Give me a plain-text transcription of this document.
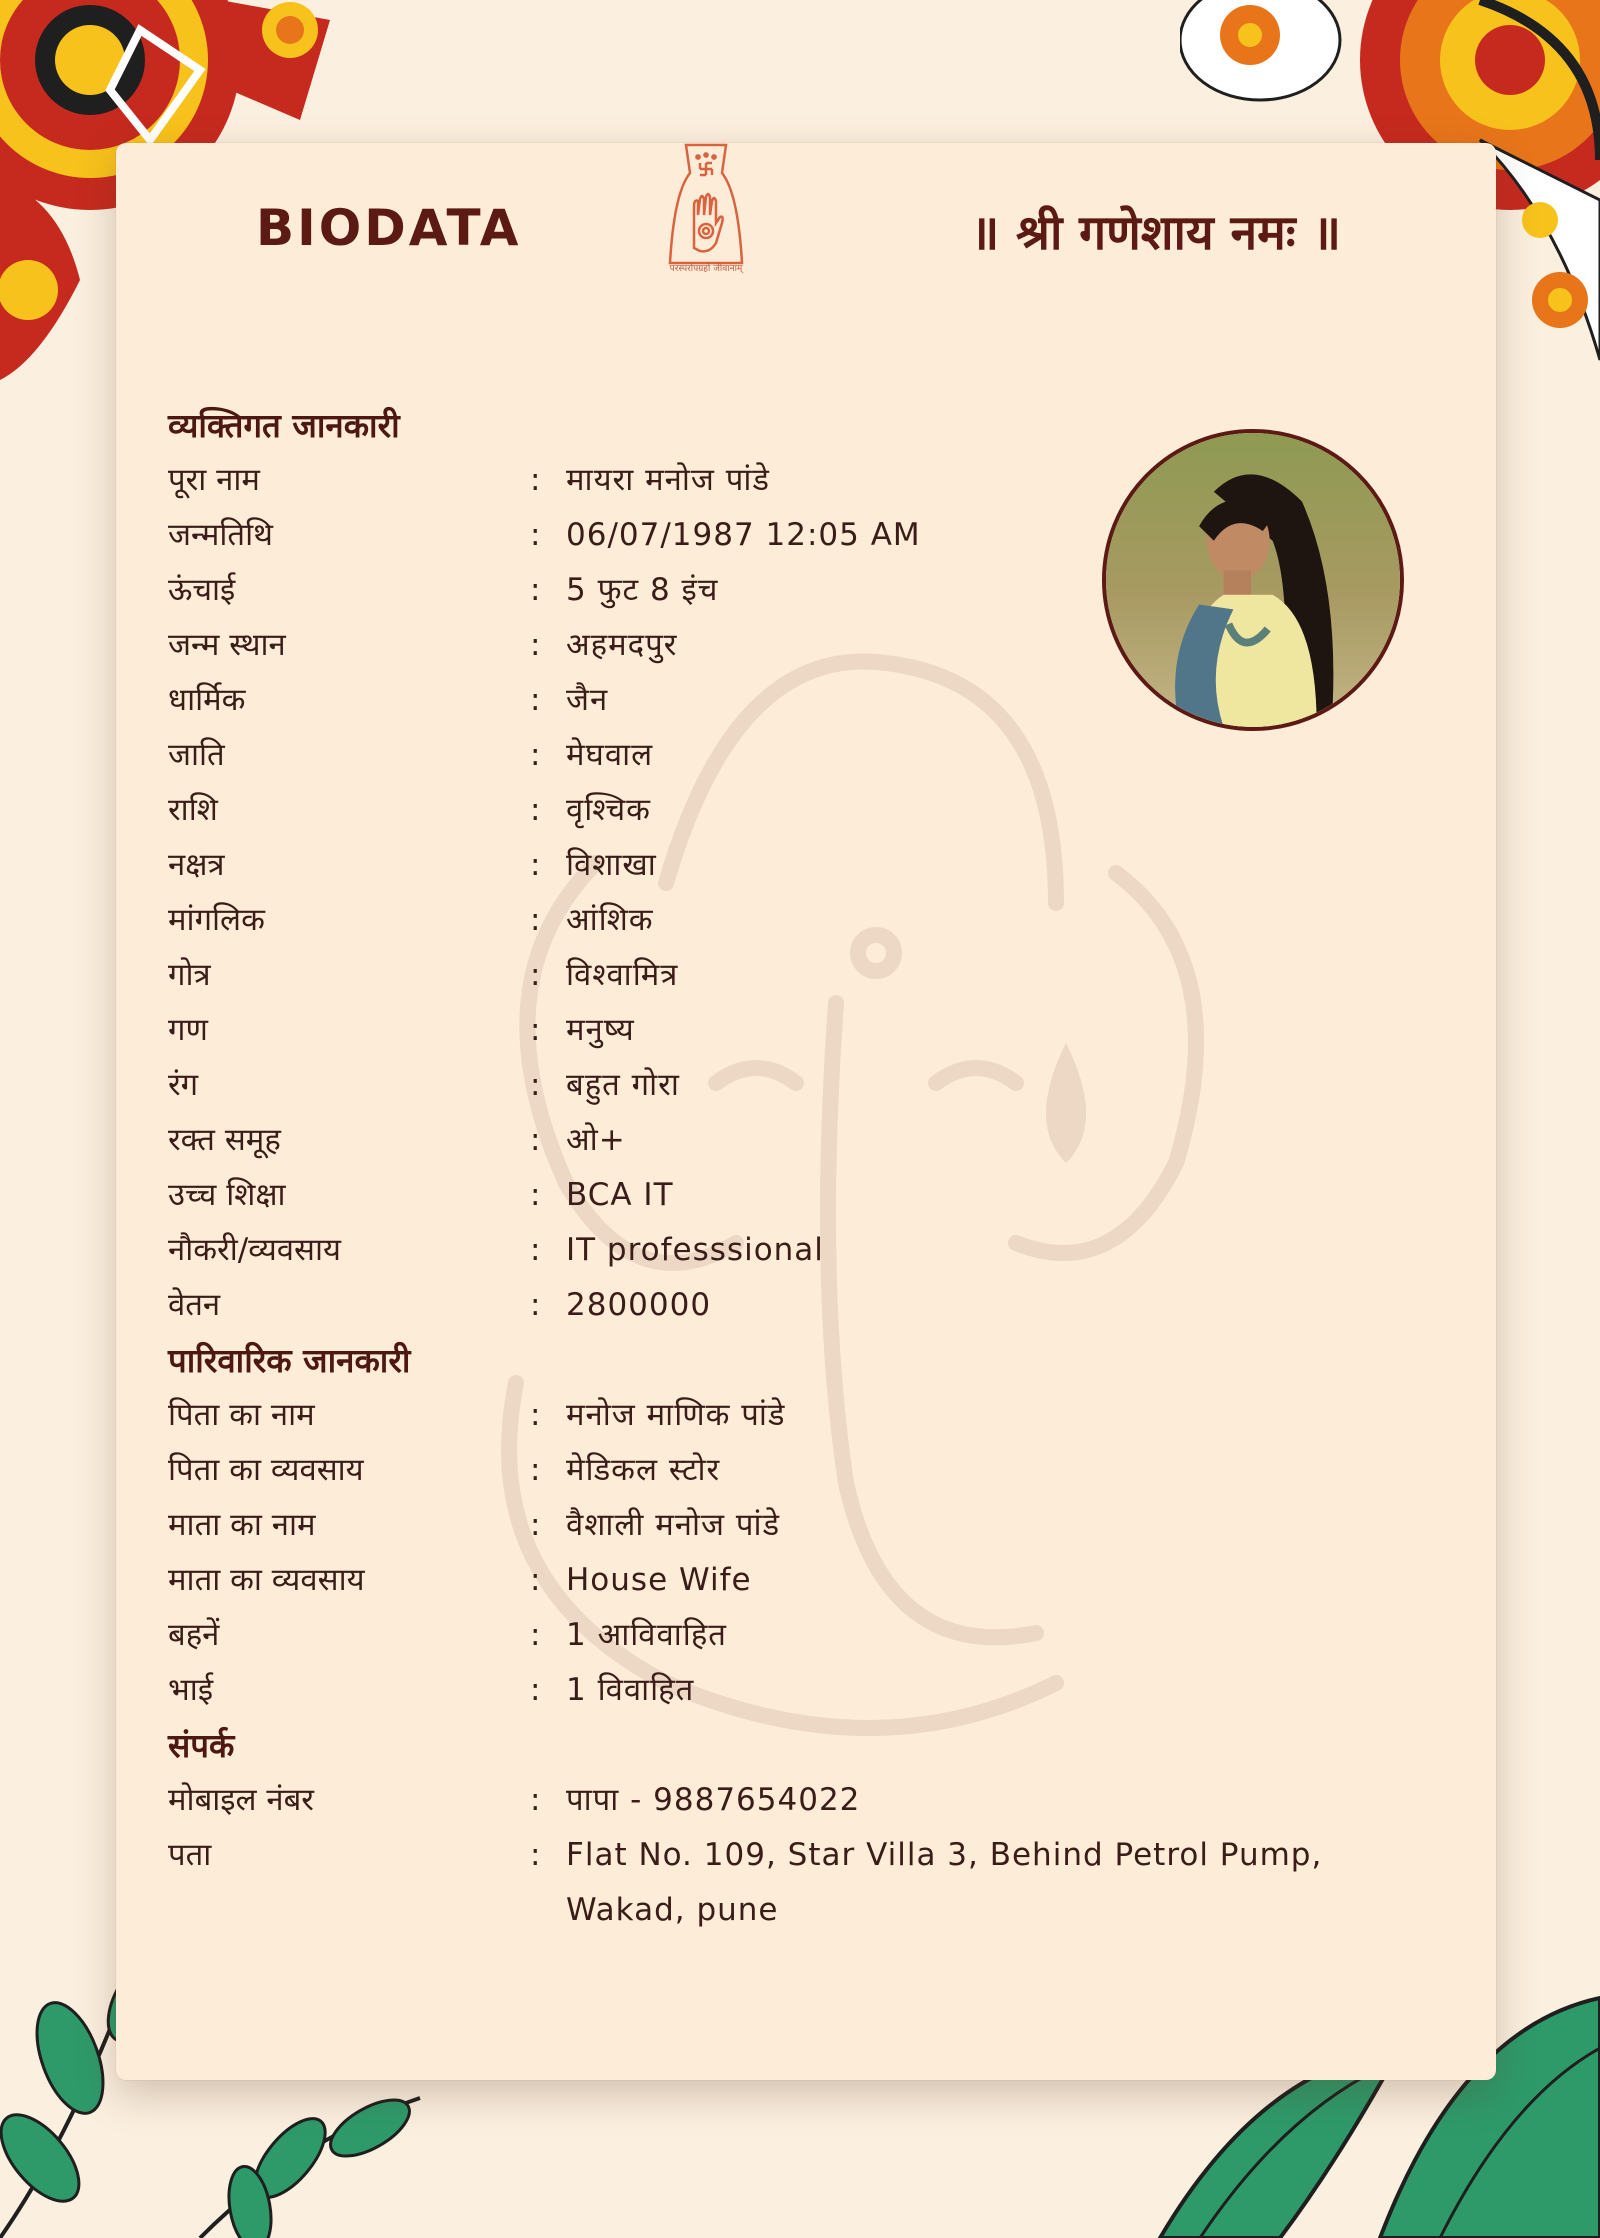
BIODATA
परस्परोपग्रहो जीवानाम्
॥ श्री गणेशाय नमः ॥
व्यक्तिगत जानकारी
पूरा नाम	: मायरा मनोज पांडे
जन्मतिथि	: 06/07/1987 12:05 AM
ऊंचाई	: 5 फुट 8 इंच
जन्म स्थान	: अहमदपुर
धार्मिक	: जैन
जाति	: मेघवाल
राशि	: वृश्चिक
नक्षत्र	: विशाखा
मांगलिक	: आंशिक
गोत्र	: विश्वामित्र
गण	: मनुष्य
रंग	: बहुत गोरा
रक्त समूह	: ओ+
उच्च शिक्षा	: BCA IT
नौकरी/व्यवसाय	: IT professsional
वेतन	: 2800000
पारिवारिक जानकारी
पिता का नाम	: मनोज माणिक पांडे
पिता का व्यवसाय	: मेडिकल स्टोर
माता का नाम	: वैशाली मनोज पांडे
माता का व्यवसाय	: House Wife
बहनें	: 1 आविवाहित
भाई	: 1 विवाहित
संपर्क
मोबाइल नंबर	: पापा - 9887654022
पता	: Flat No. 109, Star Villa 3, Behind Petrol Pump, Wakad, pune
